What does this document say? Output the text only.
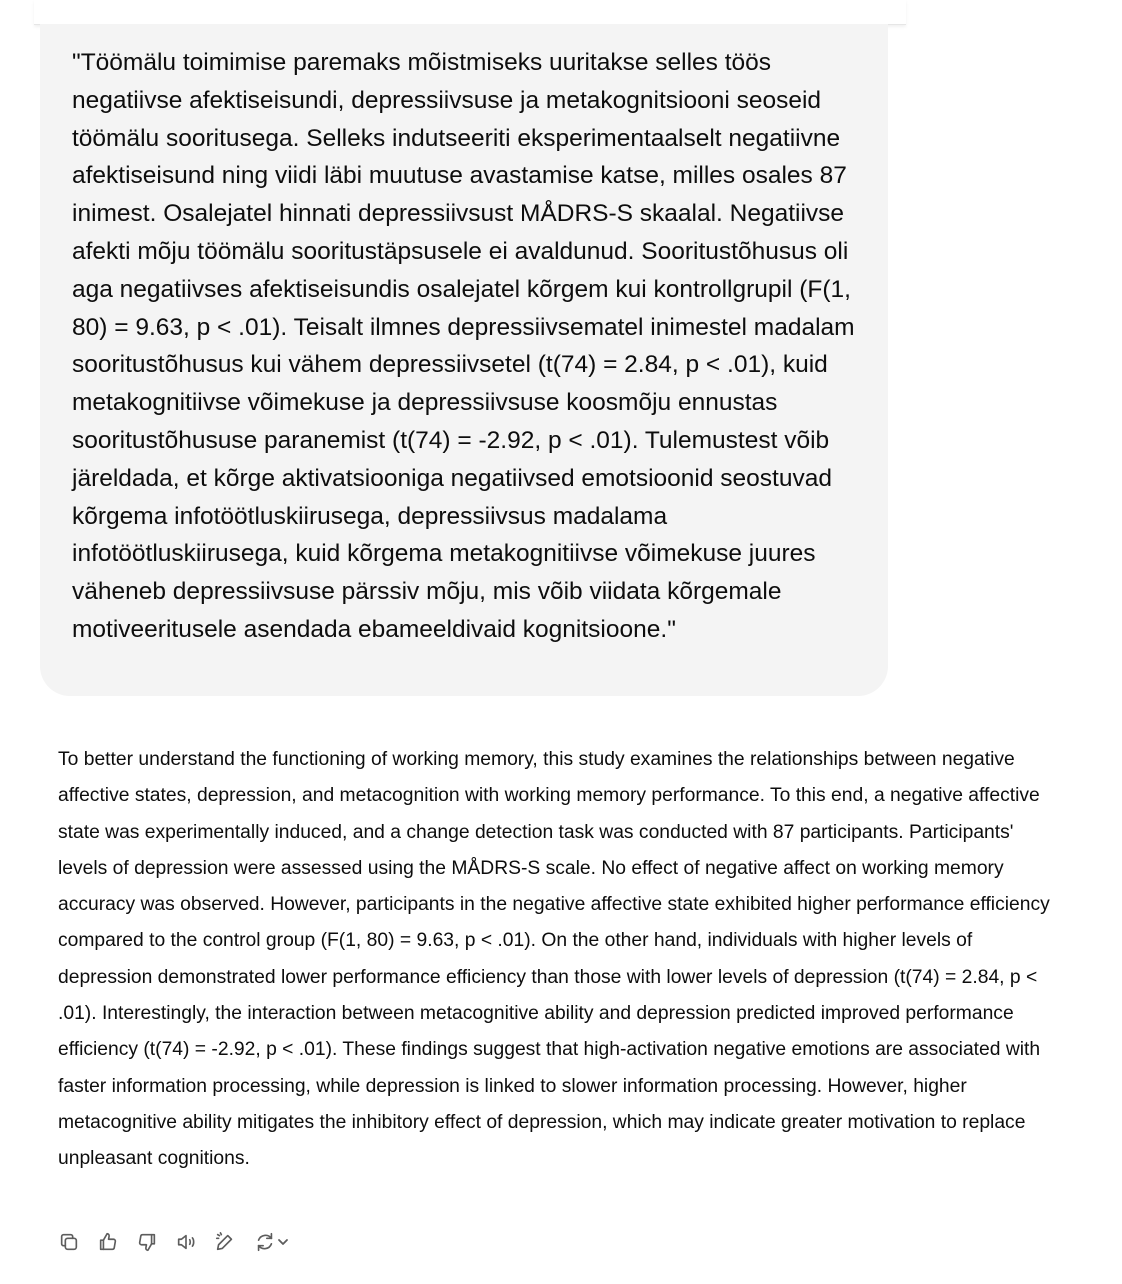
"Töömälu toimimise paremaks mõistmiseks uuritakse selles töös negatiivse afektiseisundi, depressiivsuse ja metakognitsiooni seoseid töömälu sooritusega. Selleks indutseeriti eksperimentaalselt negatiivne afektiseisund ning viidi läbi muutuse avastamise katse, milles osales 87 inimest. Osalejatel hinnati depressiivsust MÅDRS-S skaalal. Negatiivse afekti mõju töömälu sooritustäpsusele ei avaldunud. Sooritustõhusus oli aga negatiivses afektiseisundis osalejatel kõrgem kui kontrollgrupil (F(1, 80) = 9.63, p < .01). Teisalt ilmnes depressiivsematel inimestel madalam sooritustõhusus kui vähem depressiivsetel (t(74) = 2.84, p < .01), kuid metakognitiivse võimekuse ja depressiivsuse koosmõju ennustas sooritustõhususe paranemist (t(74) = -2.92, p < .01). Tulemustest võib järeldada, et kõrge aktivatsiooniga negatiivsed emotsioonid seostuvad kõrgema infotöötluskiirusega, depressiivsus madalama infotöötluskiirusega, kuid kõrgema metakognitiivse võimekuse juures väheneb depressiivsuse pärssiv mõju, mis võib viidata kõrgemale motiveeritusele asendada ebameeldivaid kognitsioone."

To better understand the functioning of working memory, this study examines the relationships between negative affective states, depression, and metacognition with working memory performance. To this end, a negative affective state was experimentally induced, and a change detection task was conducted with 87 participants. Participants' levels of depression were assessed using the MÅDRS-S scale. No effect of negative affect on working memory accuracy was observed. However, participants in the negative affective state exhibited higher performance efficiency compared to the control group (F(1, 80) = 9.63, p < .01). On the other hand, individuals with higher levels of depression demonstrated lower performance efficiency than those with lower levels of depression (t(74) = 2.84, p < .01). Interestingly, the interaction between metacognitive ability and depression predicted improved performance efficiency (t(74) = -2.92, p < .01). These findings suggest that high-activation negative emotions are associated with faster information processing, while depression is linked to slower information processing. However, higher metacognitive ability mitigates the inhibitory effect of depression, which may indicate greater motivation to replace unpleasant cognitions.
